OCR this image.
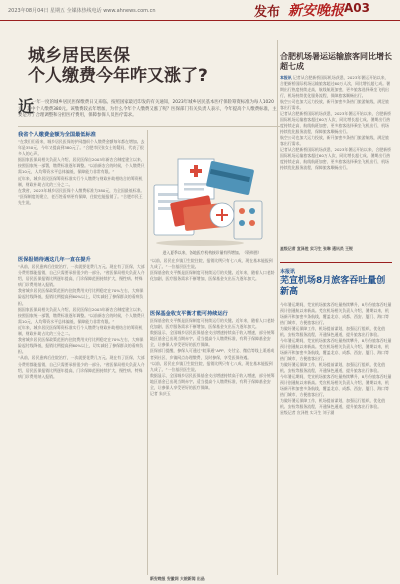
2023年08月04日 星期五 全媒体热线电话 www.ahnews.com.cn	发布 新安晚报 A03
城乡居民医保
个人缴费今年咋又涨了?
近
一年一度的城乡居民医保缴费日又来临。按照国家最近印发的有关通知，2023年城乡居民基本医疗保险筹资标准为每人1020元，其中个人缴费380元。该缴费较去年增加，为什么今年个人缴费又涨了呢？医保部门有关负责人表示，今年提高个人缴费标准，主要是为了合理调整和分担医疗费用，保障参保人员医疗需求。
我省个人缴费金额为全国最低标准

“在我们们看来，城乡居民医保的护网越织个人缴费金额每年都在增加。去年是350元，今年又提高到380元了。”合肥市民张女士的疑问，代表了很多人的心声。

据国家医保局相关负责人介绍，居民医保自2003年新农合制度建立以来，按照国家统一部署，缴费标准逐年调整。“以前新农合的时候，个人缴费只需10元，人均筹资水平总体偏低，保障能力非常有限。”

近年来，城乡居民医保筹资标准实行个人缴费与财政补助相结合的筹资机制，财政补助占比约三分之二。

在我省，2023年城乡居民医保个人缴费标准为380元，为全国最低标准。

“医保制度的建立，老百姓看病更有保障，住院也能报销了。”合肥市民王先生说。

医保报销待遇这几年一直在提升

“从前，居民患病后住院治疗，一次就要花费几万元。现在有了医保，大部分费用都能报销，自己只需要承担很少的一部分。”省医保局相关负责人介绍，居民医保报销比例逐年提高，门诊保障范围持续扩大，慢性病、特殊病门诊费用纳入报销。

我省城乡居民医保政策范围内住院费用支付比例稳定在70%左右，大病保险起付线降低，报销比例提高到60%以上，切实减轻了参保群众的看病负担。

据国家医保局相关负责人介绍，居民医保自2003年新农合制度建立以来，按照国家统一部署，缴费标准逐年调整。“以前新农合的时候，个人缴费只需10元，人均筹资水平总体偏低，保障能力非常有限。”

近年来，城乡居民医保筹资标准实行个人缴费与财政补助相结合的筹资机制，财政补助占比约三分之二。

我省城乡居民医保政策范围内住院费用支付比例稳定在70%左右，大病保险起付线降低，报销比例提高到60%以上，切实减轻了参保群众的看病负担。

“从前，居民患病后住院治疗，一次就要花费几万元。现在有了医保，大部分费用都能报销，自己只需要承担很少的一部分。”省医保局相关负责人介绍，居民医保报销比例逐年提高，门诊保障范围持续扩大，慢性病、特殊病门诊费用纳入报销。

进入夏季以来，各地医疗机构接诊量有所增加。（资料图）

“以前，居民在乡镇卫生院住院，报销比例只有七八成，现在基本能报到九成了。”一位基层医生说。

医保基金收支平衡是医保制度可持续运行的关键。近年来，随着人口老龄化加剧，医疗服务需求不断增加，医保基金支出压力逐年加大。

医保基金收支平衡才能可持续运行

医保基金收支平衡是医保制度可持续运行的关键。近年来，随着人口老龄化加剧，医疗服务需求不断增加，医保基金支出压力逐年加大。

数据显示，全国城乡居民医保基金支出增速持续高于收入增速，部分统筹地区基金已出现当期赤字。适当提高个人缴费标准，有利于保障基金安全，让参保人享受更好的医疗保障。

医保部门提醒，参保人可通过“皖事通”APP、支付宝、微信等线上渠道或者到社区、乡镇网点办理缴费，及时参保，享受医保待遇。

“以前，居民在乡镇卫生院住院，报销比例只有七八成，现在基本能报到九成了。”一位基层医生说。

数据显示，全国城乡居民医保基金支出增速持续高于收入增速，部分统筹地区基金已出现当期赤字。适当提高个人缴费标准，有利于保障基金安全，让参保人享受更好的医疗保障。

记者 朱庆玉

合肥机场暑运运输旅客同比增长超七成
本报讯 记者从合肥新桥国际机场获悉，2023年暑运开始以来，合肥新桥国际机场运输旅客超过60万人次，同比增长超七成。暑期出行热度持续走高，航线航班加密，更多旅客选择乘坐飞机出行，机场持续优化服务流程，保障旅客顺畅出行。

航空公司也加大运力投放，新开加密多条热门旅游航线，满足旅客出行需求。

记者从合肥新桥国际机场获悉，2023年暑运开始以来，合肥新桥国际机场运输旅客超过60万人次，同比增长超七成。暑期出行热度持续走高，航线航班加密，更多旅客选择乘坐飞机出行，机场持续优化服务流程，保障旅客顺畅出行。

航空公司也加大运力投放，新开加密多条热门旅游航线，满足旅客出行需求。

记者从合肥新桥国际机场获悉，2023年暑运开始以来，合肥新桥国际机场运输旅客超过60万人次，同比增长超七成。暑期出行热度持续走高，航线航班加密，更多旅客选择乘坐飞机出行，机场持续优化服务流程，保障旅客顺畅出行。

星级记者 宣泽胜 实习生 张琳 通讯员 王锐
本报讯
芜宣机场8月旅客吞吐量创新高

今年暑运期间，芜宣机场旅客吞吐量持续攀升，8月份旅客吞吐量预计创通航以来新高。芜宣机场相关负责人介绍，暑期以来，机场新开和加密多条航线，覆盖北京、成都、西安、厦门、海口等热门城市，方便旅客出行。

为做好暑运保障工作，机场提前谋划，加强运行组织，优化值机、安检等服务流程，开通绿色通道，提升旅客出行体验。

今年暑运期间，芜宣机场旅客吞吐量持续攀升，8月份旅客吞吐量预计创通航以来新高。芜宣机场相关负责人介绍，暑期以来，机场新开和加密多条航线，覆盖北京、成都、西安、厦门、海口等热门城市，方便旅客出行。

为做好暑运保障工作，机场提前谋划，加强运行组织，优化值机、安检等服务流程，开通绿色通道，提升旅客出行体验。

今年暑运期间，芜宣机场旅客吞吐量持续攀升，8月份旅客吞吐量预计创通航以来新高。芜宣机场相关负责人介绍，暑期以来，机场新开和加密多条航线，覆盖北京、成都、西安、厦门、海口等热门城市，方便旅客出行。

为做好暑运保障工作，机场提前谋划，加强运行组织，优化值机、安检等服务流程，开通绿色通道，提升旅客出行体验。

星级记者 宣泽胜 实习生 刘子涵

新安晚报 安徽网 大皖新闻 出品
